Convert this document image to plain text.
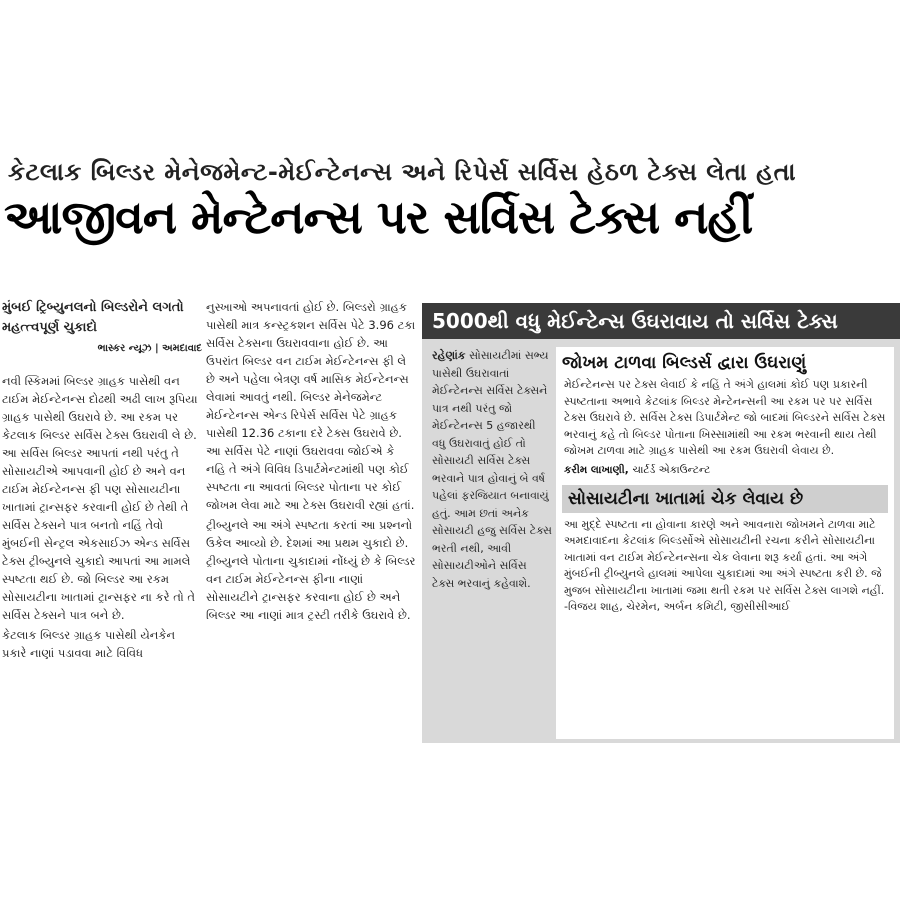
કેટલાક બિલ્ડર મેનેજમેન્ટ-મેઈન્ટેનન્સ અને રિપેર્સ સર્વિસ હેઠળ ટેક્સ લેતા હતા
આજીવન મેન્ટેનન્સ પર સર્વિસ ટેક્સ નહીં
મુંબઈ ટ્રિબ્યુનલનો બિલ્ડરોને લગતો મહત્ત્વપૂર્ણ ચુકાદો
ભાસ્કર ન્યૂઝ | અમદાવાદ

નવી સ્કિમમાં બિલ્ડર ગ્રાહક પાસેથી વન ટાઈમ મેઈન્ટેનન્સ દોઢથી અઢી લાખ રૂપિયા ગ્રાહક પાસેથી ઉઘરાવે છે. આ રકમ પર કેટલાક બિલ્ડર સર્વિસ ટેક્સ ઉઘરાવી લે છે. આ સર્વિસ બિલ્ડર આપતાં નથી પરંતુ તે સોસાયટીએ આપવાની હોઈ છે અને વન ટાઈમ મેઈન્ટેનન્સ ફી પણ સોસાયટીના ખાતામાં ટ્રાન્સફર કરવાની હોઈ છે તેથી તે સર્વિસ ટેક્સને પાત્ર બનતો નહિં તેવો મુંબઈની સેન્ટ્રલ એકસાઈઝ એન્ડ સર્વિસ ટેક્સ ટ્રીબ્યુનલે ચુકાદો આપતાં આ મામલે સ્પષ્ટતા થઈ છે. જો બિલ્ડર આ રકમ સોસાયટીના ખાતામાં ટ્રાન્સફર ના કરે તો તે સર્વિસ ટેક્સને પાત્ર બને છે.

કેટલાક બિલ્ડર ગ્રાહક પાસેથી યેનકેન પ્રકારે નાણાં પડાવવા માટે વિવિધ

નુસ્ખાઓ અપનાવતાં હોઈ છે. બિલ્ડરો ગ્રાહક પાસેથી માત્ર કન્સ્ટ્રકશન સર્વિસ પેટે 3.96 ટકા સર્વિસ ટેક્સના ઉઘરાવવાના હોઈ છે. આ ઉપરાંત બિલ્ડર વન ટાઈમ મેઈન્ટેનન્સ ફી લે છે અને પહેલા બેત્રણ વર્ષ માસિક મેઈન્ટેનન્સ લેવામાં આવતું નથી. બિલ્ડર મેનેજમેન્ટ મેઈન્ટેનન્સ એન્ડ રિપેર્સ સર્વિસ પેટે ગ્રાહક પાસેથી 12.36 ટકાના દરે ટેક્સ ઉઘરાવે છે. આ સર્વિસ પેટે નાણાં ઉઘરાવવા જોઈએ કે નહિ તે અંગે વિવિધ ડિપાર્ટમેન્ટમાંથી પણ કોઈ સ્પષ્ટતા ના આવતાં બિલ્ડર પોતાના પર કોઈ જોખમ લેવા માટે આ ટેક્સ ઉઘરાવી રહ્યાં હતાં.

ટ્રીબ્યુનલે આ અંગે સ્પષ્ટતા કરતાં આ પ્રશ્નનો ઉકેલ આવ્યો છે. દેશમાં આ પ્રથમ ચુકાદો છે. ટ્રીબ્યુનલે પોતાના ચુકાદામાં નોંધ્યું છે કે બિલ્ડર વન ટાઈમ મેઈન્ટેનન્સ ફીના નાણાં સોસાયટીને ટ્રાન્સફર કરવાના હોઈ છે અને બિલ્ડર આ નાણાં માત્ર ટ્રસ્ટી તરીકે ઉઘરાવે છે.

5000થી વધુ મેઈન્ટેન્સ ઉઘરાવાય તો સર્વિસ ટેક્સ
રહેણાંક સોસાયટીમાં સભ્ય પાસેથી ઉઘરાવાતાં મેઈન્ટેનન્સ સર્વિસ ટેક્સને પાત્ર નથી પરંતુ જો મેઈન્ટેનન્સ 5 હજારથી વધુ ઉઘરાવાતું હોઈ તો સોસાયટી સર્વિસ ટેક્સ ભરવાને પાત્ર હોવાનું બે વર્ષ પહેલાં ફરજિયાત બનાવાયું હતું. આમ છતાં અનેક સોસાયટી હજુ સર્વિસ ટેક્સ ભરતી નથી, આવી સોસાયટીઓને સર્વિસ ટેક્સ ભરવાનું કહેવાશે.
જોખમ ટાળવા બિલ્ડર્સ દ્વારા ઉઘરાણું
મેઈન્ટેનન્સ પર ટેક્સ લેવાઈ કે નહિં તે અંગે હાલમાં કોઈ પણ પ્રકારની સ્પષ્ટતાના અભાવે કેટલાંક બિલ્ડર મેન્ટેનન્સની આ રકમ પર પર સર્વિસ ટેક્સ ઉઘરાવે છે. સર્વિસ ટેક્સ ડિપાર્ટમેન્ટ જો બાદમાં બિલ્ડરને સર્વિસ ટેક્સ ભરવાનું કહે તો બિલ્ડર પોતાના ખિસ્સામાંથી આ રકમ ભરવાની થાય તેથી જોખમ ટાળવા માટે ગ્રાહક પાસેથી આ રકમ ઉઘરાવી લેવાય છે.
કરીમ લાખાણી, ચાર્ટર્ડ એકાઉન્ટન્ટ
સોસાયટીના ખાતામાં ચેક લેવાય છે
આ મુદ્દે સ્પષ્ટતા ના હોવાના કારણે અને આવનારા જોખમને ટાળવા માટે અમદાવાદના કેટલાંક બિલ્ડર્સોએ સોસાયટીની રચના કરીને સોસાયટીના ખાતામાં વન ટાઈમ મેઈન્ટેનન્સના ચેક લેવાના શરૂ કર્યા હતાં. આ અંગે મુંબઈની ટ્રીબ્યુનલે હાલમાં આપેલા ચુકાદામાં આ અંગે સ્પષ્ટતા કરી છે. જે મુજબ સોસાયટીના ખાતામાં જમા થતી રકમ પર સર્વિસ ટેક્સ લાગશે નહીં. -વિજય શાહ, ચેરમેન, અર્બન કમિટી, જીસીસીઆઈ
